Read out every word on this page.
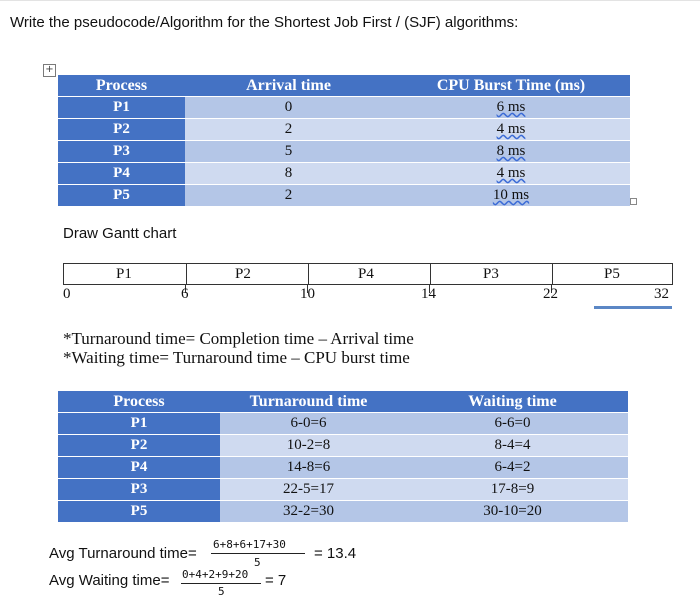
Write the pseudocode/Algorithm for the Shortest Job First / (SJF) algorithms:
+
Process	Arrival time	CPU Burst Time (ms)
P1	0	6 ms
P2	2	4 ms
P3	5	8 ms
P4	8	4 ms
P5	2	10 ms
Draw Gantt chart
P1	P2	P4	P3	P5
0	6	10	14	22	32
*Turnaround time= Completion time – Arrival time
*Waiting time= Turnaround time – CPU burst time
Process	Turnaround time	Waiting time
P1	6-0=6	6-6=0
P2	10-2=8	8-4=4
P4	14-8=6	6-4=2
P3	22-5=17	17-8=9
P5	32-2=30	30-10=20
Avg Turnaround time=
6+8+6+17+30
5
= 13.4
Avg Waiting time= 0+4+2+9+20
5
= 7
